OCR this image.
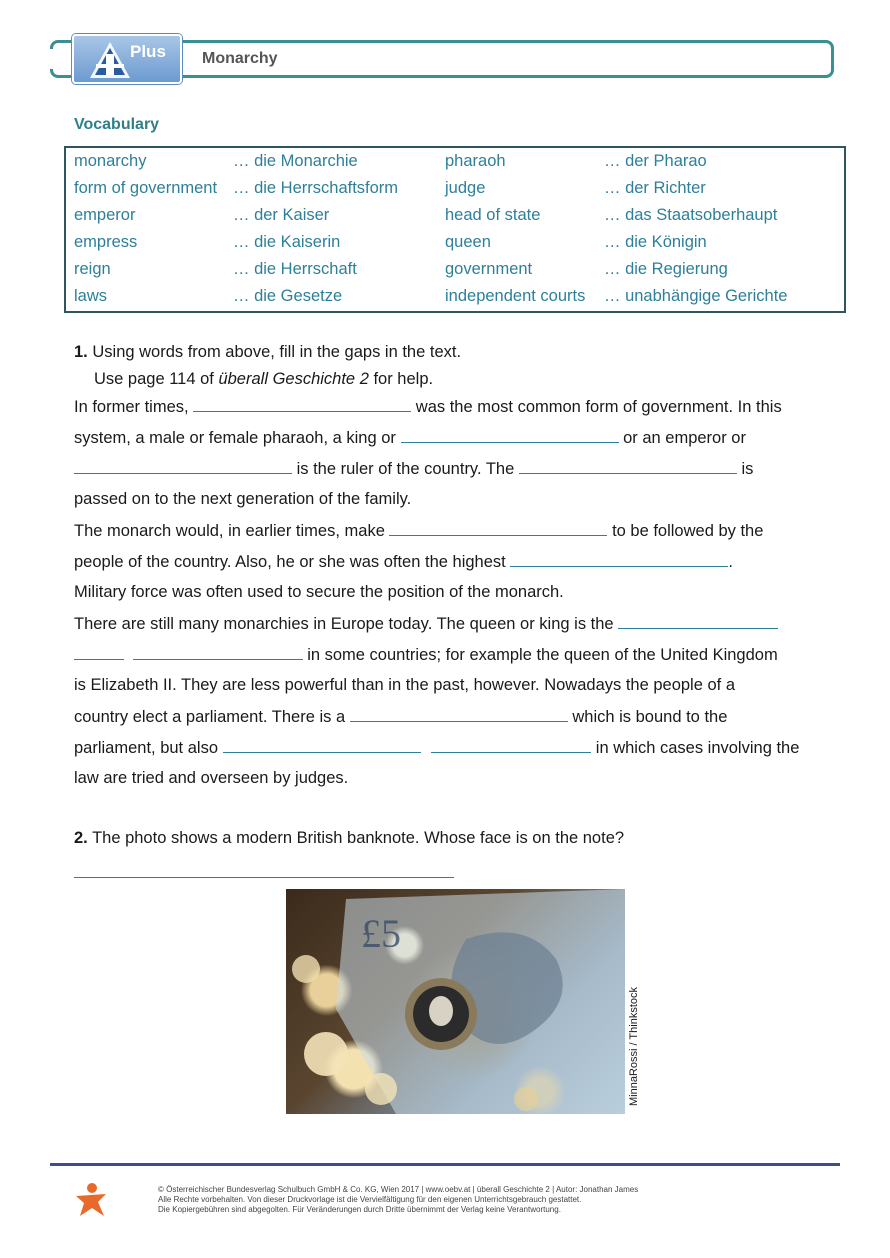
Plus Monarchy
Vocabulary
monarchy	… die Monarchie	pharaoh	… der Pharao
form of government … die Herrschaftsform	judge	… der Richter
emperor	… der Kaiser	head of state	… das Staatsoberhaupt
empress	… die Kaiserin	queen	… die Königin
reign	… die Herrschaft	government	… die Regierung
laws	… die Gesetze	independent courts … unabhängige Gerichte
1. Using words from above, fill in the gaps in the text.
Use page 114 of überall Geschichte 2 for help.
In former times,	was the most common form of government. In this
system, a male or female pharaoh, a king or	or an emperor or
is the ruler of the country. The	is
passed on to the next generation of the family.
The monarch would, in earlier times, make	to be followed by the
people of the country. Also, he or she was often the highest	.
Military force was often used to secure the position of the monarch.
There are still many monarchies in Europe today. The queen or king is the
in some countries; for example the queen of the United Kingdom
is Elizabeth II. They are less powerful than in the past, however. Nowadays the people of a
country elect a parliament. There is a	which is bound to the
parliament, but also	in which cases involving the
law are tried and overseen by judges.
2. The photo shows a modern British banknote. Whose face is on the note?
£5
MinnaRossi / Thinkstock
© Österreichischer Bundesverlag Schulbuch GmbH & Co. KG, Wien 2017 | www.oebv.at | überall Geschichte 2 | Autor: Jonathan James
Alle Rechte vorbehalten. Von dieser Druckvorlage ist die Vervielfältigung für den eigenen Unterrichtsgebrauch gestattet.
Die Kopiergebühren sind abgegolten. Für Veränderungen durch Dritte übernimmt der Verlag keine Verantwortung.
